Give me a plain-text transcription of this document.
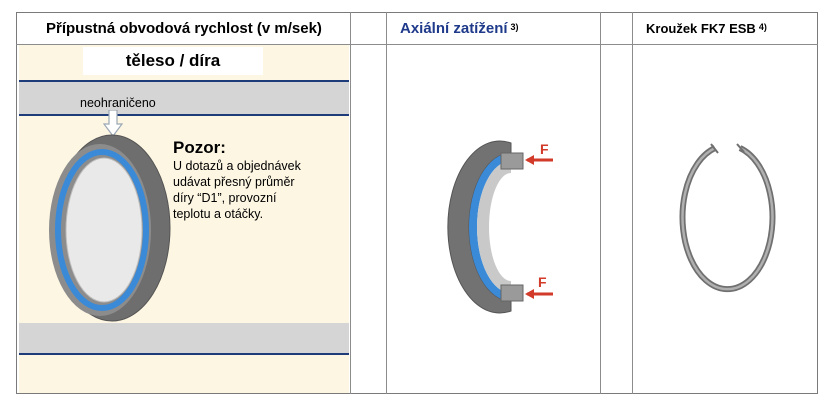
Přípustná obvodová rychlost (v m/sek)	Axiální zatížení $^{3)}$	Kroužek FK7 ESB $^{4)}$
těleso / díra
neohraničeno
Pozor:
U dotazů a objednávek
udávat přesný průměr
díry “D1”, provozní
teplotu a otáčky.
F
F
